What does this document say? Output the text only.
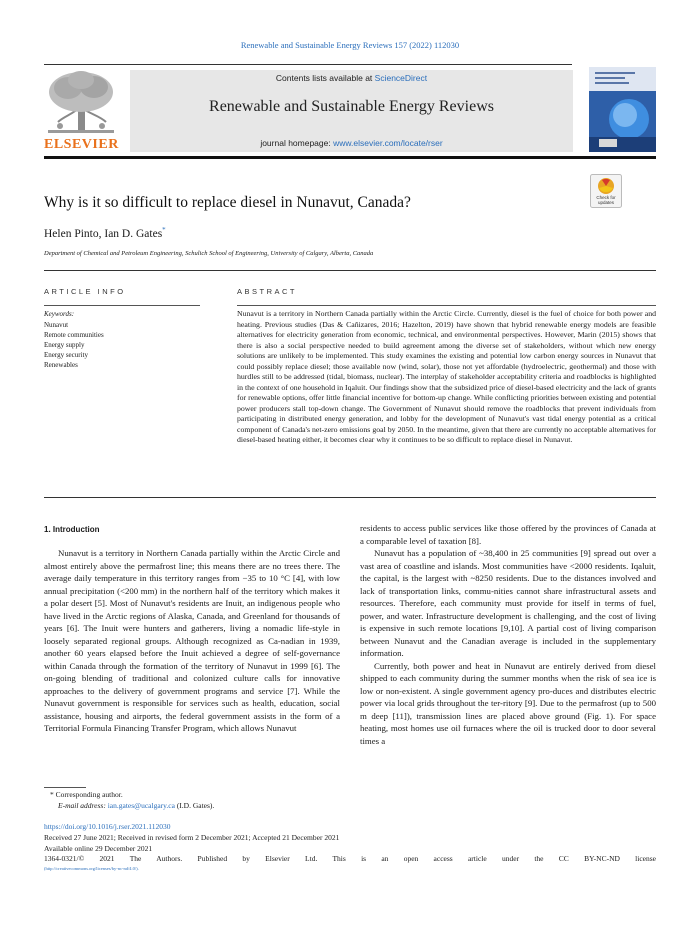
Renewable and Sustainable Energy Reviews 157 (2022) 112030
ELSEVIER
Contents lists available at ScienceDirect
Renewable and Sustainable Energy Reviews
journal homepage: www.elsevier.com/locate/rser
Why is it so difficult to replace diesel in Nunavut, Canada?	Check for updates
Helen Pinto, Ian D. Gates*
Department of Chemical and Petroleum Engineering, Schulich School of Engineering, University of Calgary, Alberta, Canada
ARTICLE INFO	ABSTRACT
Keywords:
Nunavut
Remote communities
Energy supply
Energy security
Renewables
Nunavut is a territory in Northern Canada partially within the Arctic Circle. Currently, diesel is the fuel of choice for both power and heating. Previous studies (Das & Cañizares, 2016; Hazelton, 2019) have shown that hybrid renewable energy models are feasible alternatives for electricity generation from economic, technical, and environmental perspectives. However, Marin (2015) shows that there is also a social perspective needed to build agreement among the diverse set of stakeholders, without which new energy solutions are unlikely to be implemented. This study examines the existing and potential low carbon energy sources in Nunavut that could possibly replace diesel; those available now (wind, solar), those not yet affordable (hydroelectric, geothermal) and those with hurdles still to be addressed (tidal, biomass, nuclear). The interplay of stakeholder acceptability criteria and roadblocks is highlighted in the context of one household in Iqaluit. Our findings show that the subsidized price of diesel-based electricity and the lack of grants for renewable options, offer little financial incentive for bottom-up change. While conflicting priorities between existing and potential power producers stall top-down change. The Government of Nunavut should remove the roadblocks that prevent individuals from participating in distributed energy generation, and lobby for the development of Nunavut's vast tidal energy potential as a critical component of Canada's net-zero emissions goal by 2050. In the meantime, given that there are currently no acceptable alternatives for diesel-based heating either, it becomes clear why it continues to be so difficult to replace diesel in Nunavut.
1. Introduction

Nunavut is a territory in Northern Canada partially within the Arctic Circle and almost entirely above the permafrost line; this means there are no trees there. The average daily temperature in this territory ranges from −35 to 10 °C [4], with low annual precipitation (<200 mm) in the northern half of the territory which makes it a polar desert [5]. Most of Nunavut's residents are Inuit, an indigenous people who have lived in the Arctic regions of Alaska, Canada, and Greenland for thousands of years [6]. The Inuit were hunters and gatherers, living a nomadic life-style in loosely separated regional groups. Although recognized as Ca-nadian in 1939, another 60 years elapsed before the Inuit achieved a degree of self-governance within Canada through the formation of the territory of Nunavut in 1999 [6]. The on-going blending of traditional and colonized culture calls for innovative approaches to the delivery of government programs and service [7]. While the Nunavut government is responsible for services such as health, education, social assistance, housing and airports, the federal government assists in the form of a Territorial Formula Financing Transfer Program, which allows Nunavut

residents to access public services like those offered by the provinces of Canada at a comparable level of taxation [8].

Nunavut has a population of ~38,400 in 25 communities [9] spread out over a vast area of coastline and islands. Most communities have <2000 residents. Iqaluit, the capital, is the largest with ~8250 residents. Due to the distances involved and lack of transportation links, commu-nities cannot share infrastructural assets and resources. Therefore, each community must provide for itself in terms of fuel, power, and water. Infrastructure development is challenging, and the cost of living is expensive in such remote locations [9,10]. A partial cost of living comparison between Nunavut and the Canadian average is included in the supplementary information.

Currently, both power and heat in Nunavut are entirely derived from diesel shipped to each community during the summer months when the risk of sea ice is low or non-existent. A single government agency pro-duces and distributes electric power via local grids throughout the ter-ritory [9]. Due to the permafrost (up to 500 m deep [11]), transmission lines are placed above ground (Fig. 1). For space heating, most homes use oil furnaces where the oil is trucked door to door several times a

* Corresponding author.
E-mail address: ian.gates@ucalgary.ca (I.D. Gates).
https://doi.org/10.1016/j.rser.2021.112030
Received 27 June 2021; Received in revised form 2 December 2021; Accepted 21 December 2021
Available online 29 December 2021
1364-0321/© 2021 The Authors. Published by Elsevier Ltd. This is an open access article under the CC BY-NC-ND license
(http://creativecommons.org/licenses/by-nc-nd/4.0/).
